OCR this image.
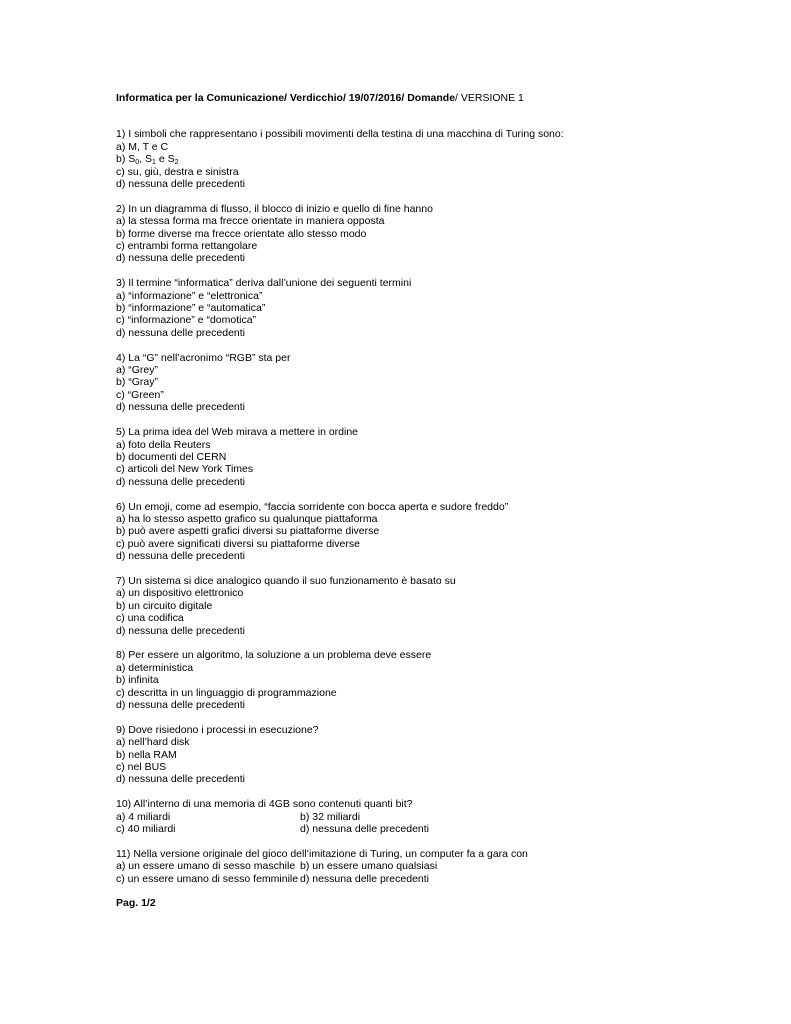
Informatica per la Comunicazione/ Verdicchio/ 19/07/2016/ Domande/ VERSIONE 1
1) I simboli che rappresentano i possibili movimenti della testina di una macchina di Turing sono:
a) M, T e C
b) $S_0$, $S_1$ e $S_2$
c) su, giù, destra e sinistra
d) nessuna delle precedenti
2) In un diagramma di flusso, il blocco di inizio e quello di fine hanno
a) la stessa forma ma frecce orientate in maniera opposta
b) forme diverse ma frecce orientate allo stesso modo
c) entrambi forma rettangolare
d) nessuna delle precedenti
3) Il termine “informatica” deriva dall’unione dei seguenti termini
a) “informazione” e “elettronica”
b) “informazione” e “automatica”
c) “informazione” e “domotica”
d) nessuna delle precedenti
4) La “G” nell’acronimo “RGB” sta per
a) “Grey”
b) “Gray”
c) “Green”
d) nessuna delle precedenti
5) La prima idea del Web mirava a mettere in ordine
a) foto della Reuters
b) documenti del CERN
c) articoli del New York Times
d) nessuna delle precedenti
6) Un emoji, come ad esempio, “faccia sorridente con bocca aperta e sudore freddo”
a) ha lo stesso aspetto grafico su qualunque piattaforma
b) può avere aspetti grafici diversi su piattaforme diverse
c) può avere significati diversi su piattaforme diverse
d) nessuna delle precedenti
7) Un sistema si dice analogico quando il suo funzionamento è basato su
a) un dispositivo elettronico
b) un circuito digitale
c) una codifica
d) nessuna delle precedenti
8) Per essere un algoritmo, la soluzione a un problema deve essere
a) deterministica
b) infinita
c) descritta in un linguaggio di programmazione
d) nessuna delle precedenti
9) Dove risiedono i processi in esecuzione?
a) nell’hard disk
b) nella RAM
c) nel BUS
d) nessuna delle precedenti
10) All’interno di una memoria di 4GB sono contenuti quanti bit?
a) 4 miliardi	b) 32 miliardi
c) 40 miliardi	d) nessuna delle precedenti
11) Nella versione originale del gioco dell’imitazione di Turing, un computer fa a gara con
a) un essere umano di sesso maschile b) un essere umano qualsiasi
c) un essere umano di sesso femminile d) nessuna delle precedenti
Pag. 1/2
